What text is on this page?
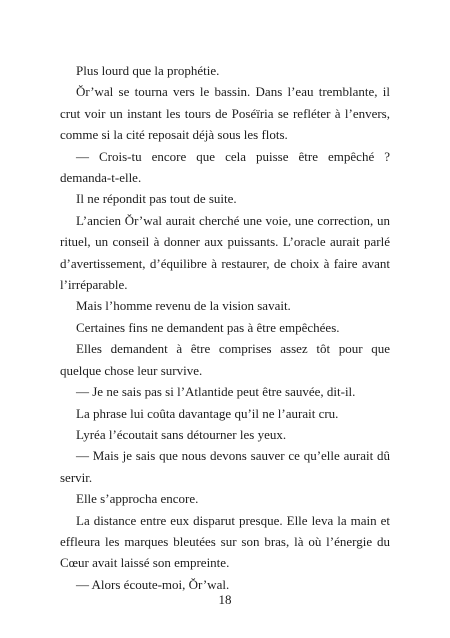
Plus lourd que la prophétie.

Ŏr’wal se tourna vers le bassin. Dans l’eau tremblante, il crut voir un instant les tours de Poséïria se refléter à l’envers, comme si la cité reposait déjà sous les flots.

— Crois-tu encore que cela puisse être empêché ? demanda-t-elle.

Il ne répondit pas tout de suite.

L’ancien Ŏr’wal aurait cherché une voie, une correction, un rituel, un conseil à donner aux puissants. L’oracle aurait parlé d’avertissement, d’équilibre à restaurer, de choix à faire avant l’irréparable.

Mais l’homme revenu de la vision savait.

Certaines fins ne demandent pas à être empêchées.

Elles demandent à être comprises assez tôt pour que quelque chose leur survive.

— Je ne sais pas si l’Atlantide peut être sauvée, dit-il.

La phrase lui coûta davantage qu’il ne l’aurait cru.

Lyréa l’écoutait sans détourner les yeux.

— Mais je sais que nous devons sauver ce qu’elle aurait dû servir.

Elle s’approcha encore.

La distance entre eux disparut presque. Elle leva la main et effleura les marques bleutées sur son bras, là où l’énergie du Cœur avait laissé son empreinte.

— Alors écoute-moi, Ŏr’wal.

18
